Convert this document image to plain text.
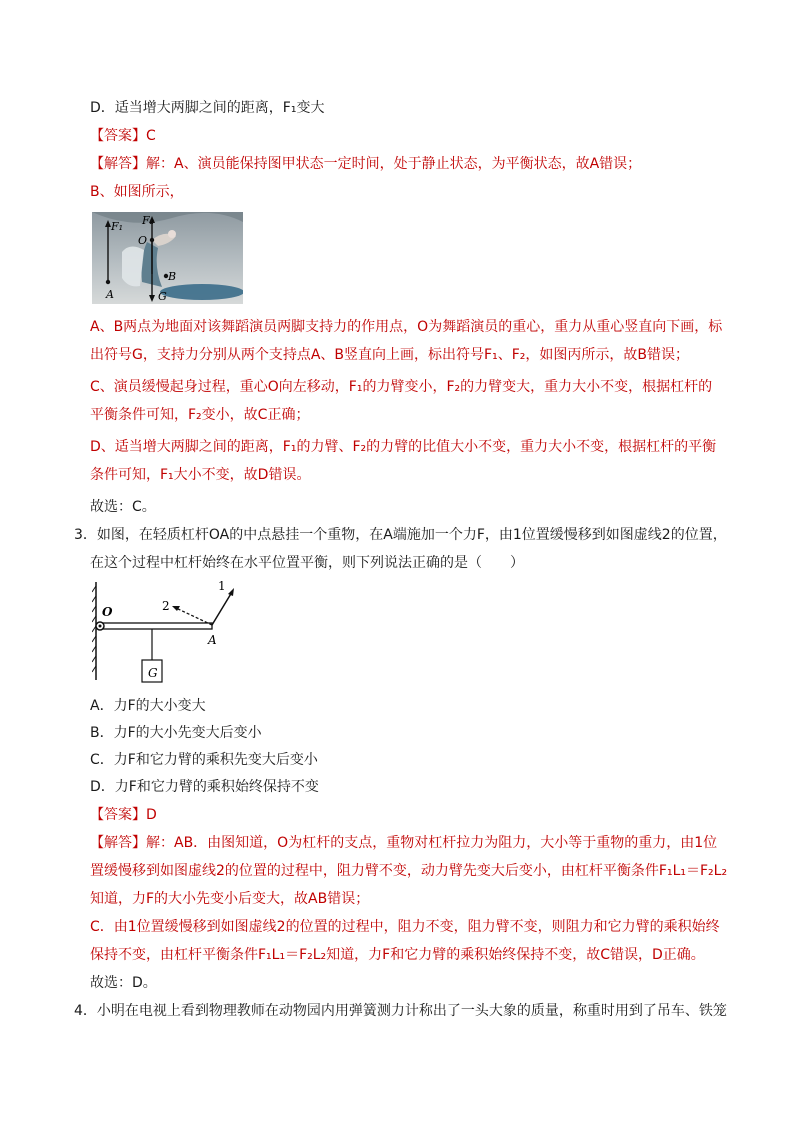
D．适当增大两脚之间的距离，F₁变大
【答案】C
【解答】解：A、演员能保持图甲状态一定时间，处于静止状态，为平衡状态，故A错误；
B、如图所示，
F₁ F₂
O
A
B
G
A、B两点为地面对该舞蹈演员两脚支持力的作用点，O为舞蹈演员的重心，重力从重心竖直向下画，标
出符号G，支持力分别从两个支持点A、B竖直向上画，标出符号F₁、F₂，如图丙所示，故B错误；
C、演员缓慢起身过程，重心O向左移动，F₁的力臂变小，F₂的力臂变大，重力大小不变，根据杠杆的
平衡条件可知，F₂变小，故C正确；
D、适当增大两脚之间的距离，F₁的力臂、F₂的力臂的比值大小不变，重力大小不变，根据杠杆的平衡
条件可知，F₁大小不变，故D错误。
故选：C。
3．如图，在轻质杠杆OA的中点悬挂一个重物，在A端施加一个力F，由1位置缓慢移到如图虚线2的位置，
在这个过程中杠杆始终在水平位置平衡，则下列说法正确的是（　　）
O
A
G
1
2
A．力F的大小变大
B．力F的大小先变大后变小
C．力F和它力臂的乘积先变大后变小
D．力F和它力臂的乘积始终保持不变
【答案】D
【解答】解：AB．由图知道，O为杠杆的支点，重物对杠杆拉力为阻力，大小等于重物的重力，由1位
置缓慢移到如图虚线2的位置的过程中，阻力臂不变，动力臂先变大后变小，由杠杆平衡条件F₁L₁＝F₂L₂
知道，力F的大小先变小后变大，故AB错误；
C．由1位置缓慢移到如图虚线2的位置的过程中，阻力不变，阻力臂不变，则阻力和它力臂的乘积始终
保持不变，由杠杆平衡条件F₁L₁＝F₂L₂知道，力F和它力臂的乘积始终保持不变，故C错误，D正确。
故选：D。
4．小明在电视上看到物理教师在动物园内用弹簧测力计称出了一头大象的质量，称重时用到了吊车、铁笼
